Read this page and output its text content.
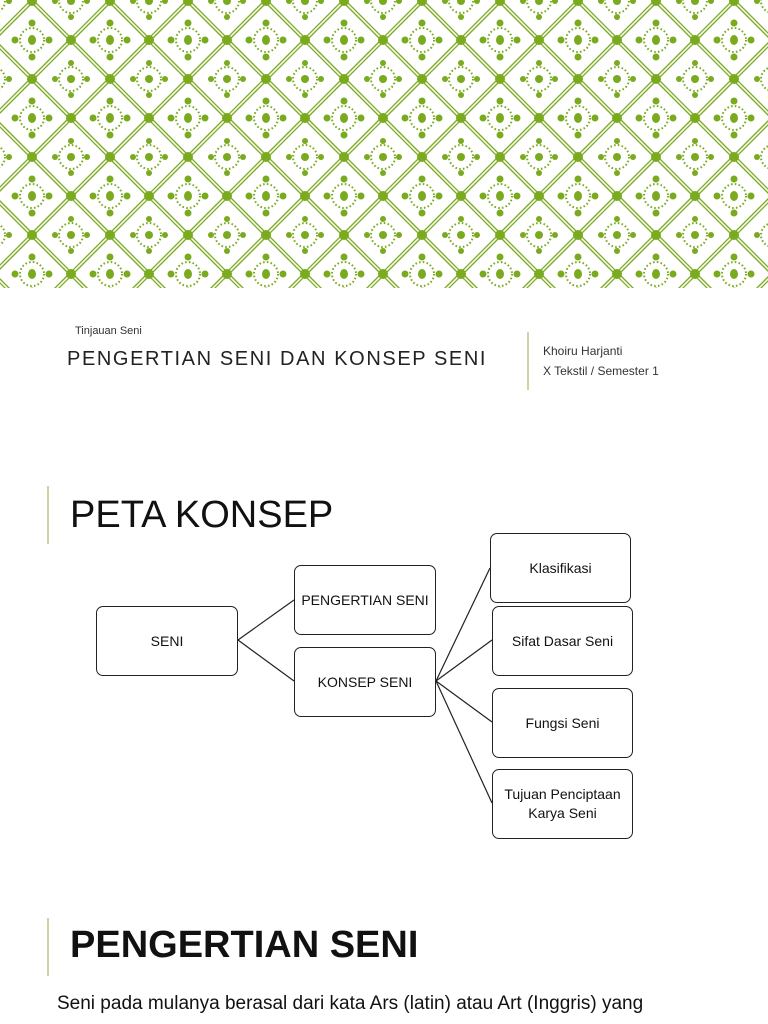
Tinjauan Seni
PENGERTIAN SENI DAN KONSEP SENI	Khoiru Harjanti
X Tekstil / Semester 1
PETA KONSEP
SENI
PENGERTIAN SENI
KONSEP SENI
Klasifikasi
Sifat Dasar Seni
Fungsi Seni
Tujuan Penciptaan Karya Seni
PENGERTIAN SENI
Seni pada mulanya berasal dari kata Ars (latin) atau Art (Inggris) yang
